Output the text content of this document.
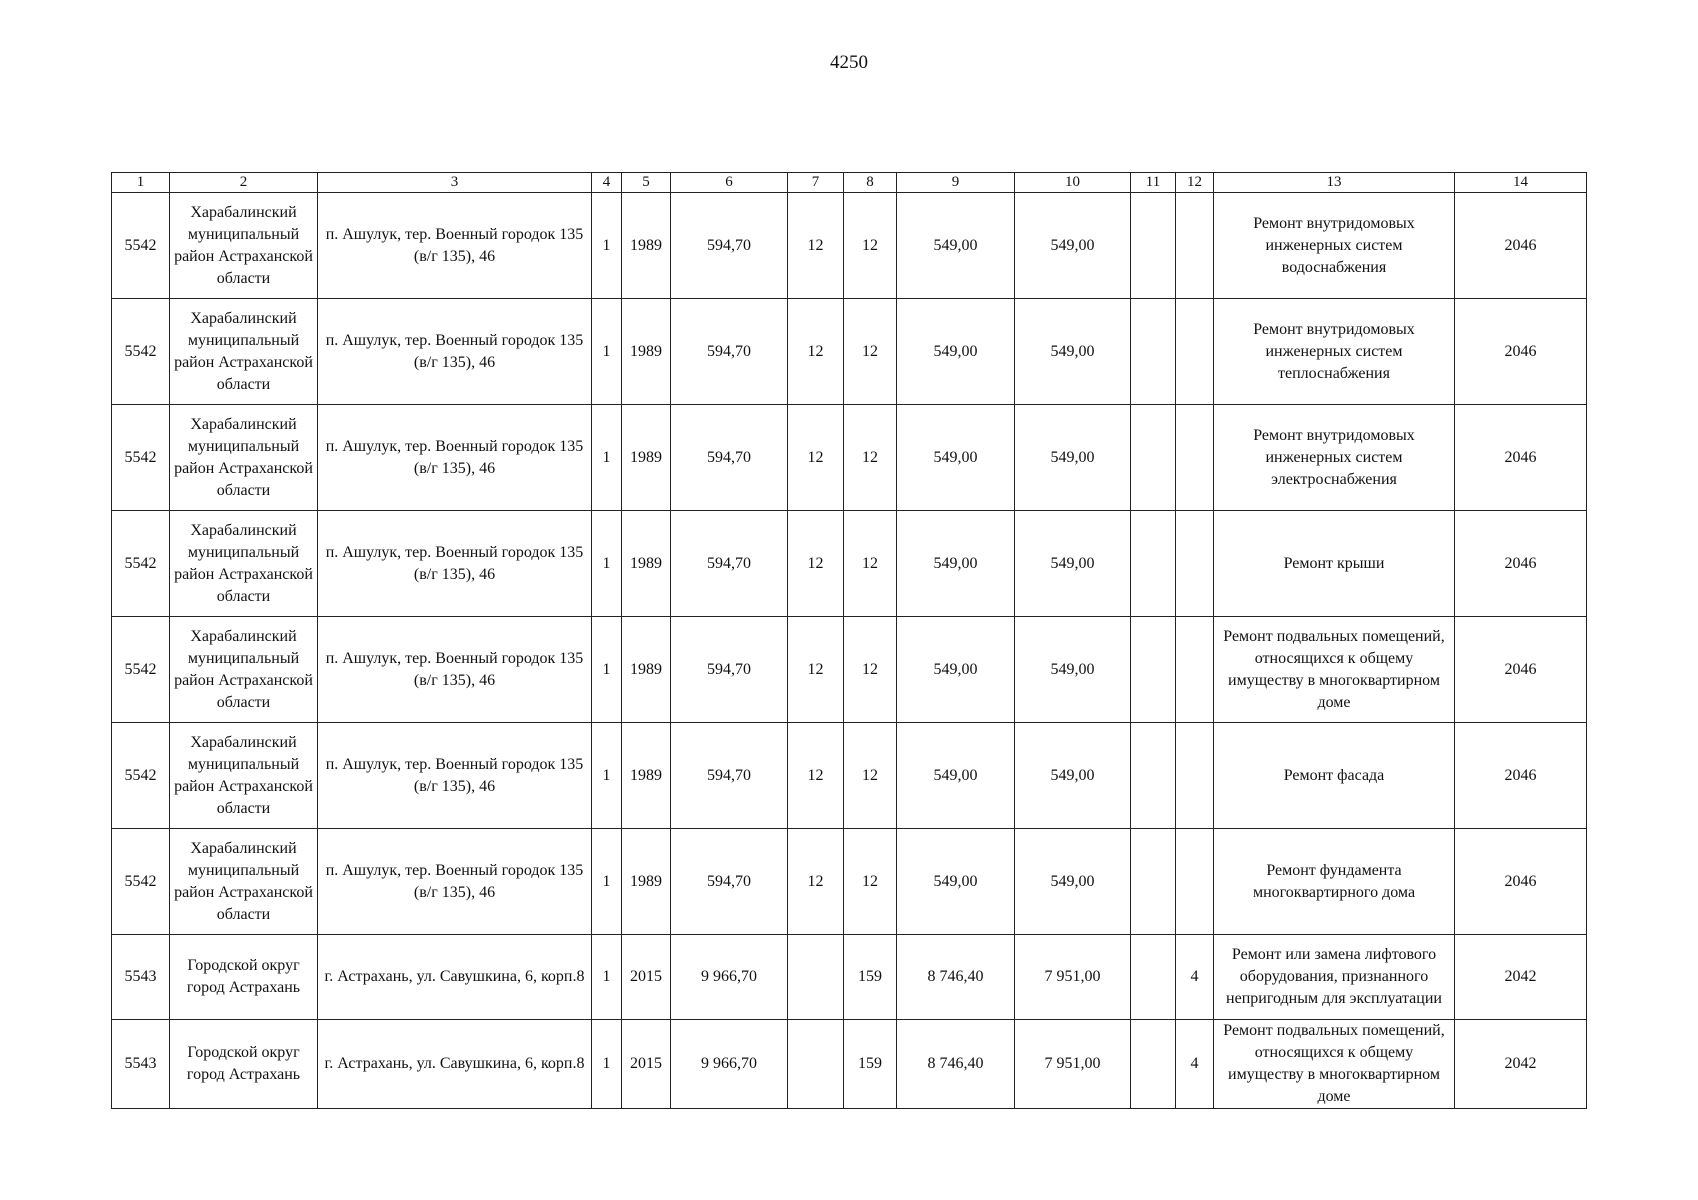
4250
1	2	3	4	5	6	7	8	9	10	11	12	13	14
5542	Харабалинский муниципальный район Астраханской области	п. Ашулук, тер. Военный городок 135 (в/г 135), 46	1	1989	594,70	12	12	549,00	549,00			Ремонт внутридомовых инженерных систем водоснабжения	2046
5542	Харабалинский муниципальный район Астраханской области	п. Ашулук, тер. Военный городок 135 (в/г 135), 46	1	1989	594,70	12	12	549,00	549,00			Ремонт внутридомовых инженерных систем теплоснабжения	2046
5542	Харабалинский муниципальный район Астраханской области	п. Ашулук, тер. Военный городок 135 (в/г 135), 46	1	1989	594,70	12	12	549,00	549,00			Ремонт внутридомовых инженерных систем электроснабжения	2046
5542	Харабалинский муниципальный район Астраханской области	п. Ашулук, тер. Военный городок 135 (в/г 135), 46	1	1989	594,70	12	12	549,00	549,00			Ремонт крыши	2046
5542	Харабалинский муниципальный район Астраханской области	п. Ашулук, тер. Военный городок 135 (в/г 135), 46	1	1989	594,70	12	12	549,00	549,00			Ремонт подвальных помещений, относящихся к общему имуществу в многоквартирном доме	2046
5542	Харабалинский муниципальный район Астраханской области	п. Ашулук, тер. Военный городок 135 (в/г 135), 46	1	1989	594,70	12	12	549,00	549,00			Ремонт фасада	2046
5542	Харабалинский муниципальный район Астраханской области	п. Ашулук, тер. Военный городок 135 (в/г 135), 46	1	1989	594,70	12	12	549,00	549,00			Ремонт фундамента многоквартирного дома	2046
5543	Городской округ город Астрахань	г. Астрахань, ул. Савушкина, 6, корп.8	1	2015	9 966,70		159	8 746,40	7 951,00		4	Ремонт или замена лифтового оборудования, признанного непригодным для эксплуатации	2042
5543	Городской округ город Астрахань	г. Астрахань, ул. Савушкина, 6, корп.8	1	2015	9 966,70		159	8 746,40	7 951,00		4	Ремонт подвальных помещений, относящихся к общему имуществу в многоквартирном доме	2042
